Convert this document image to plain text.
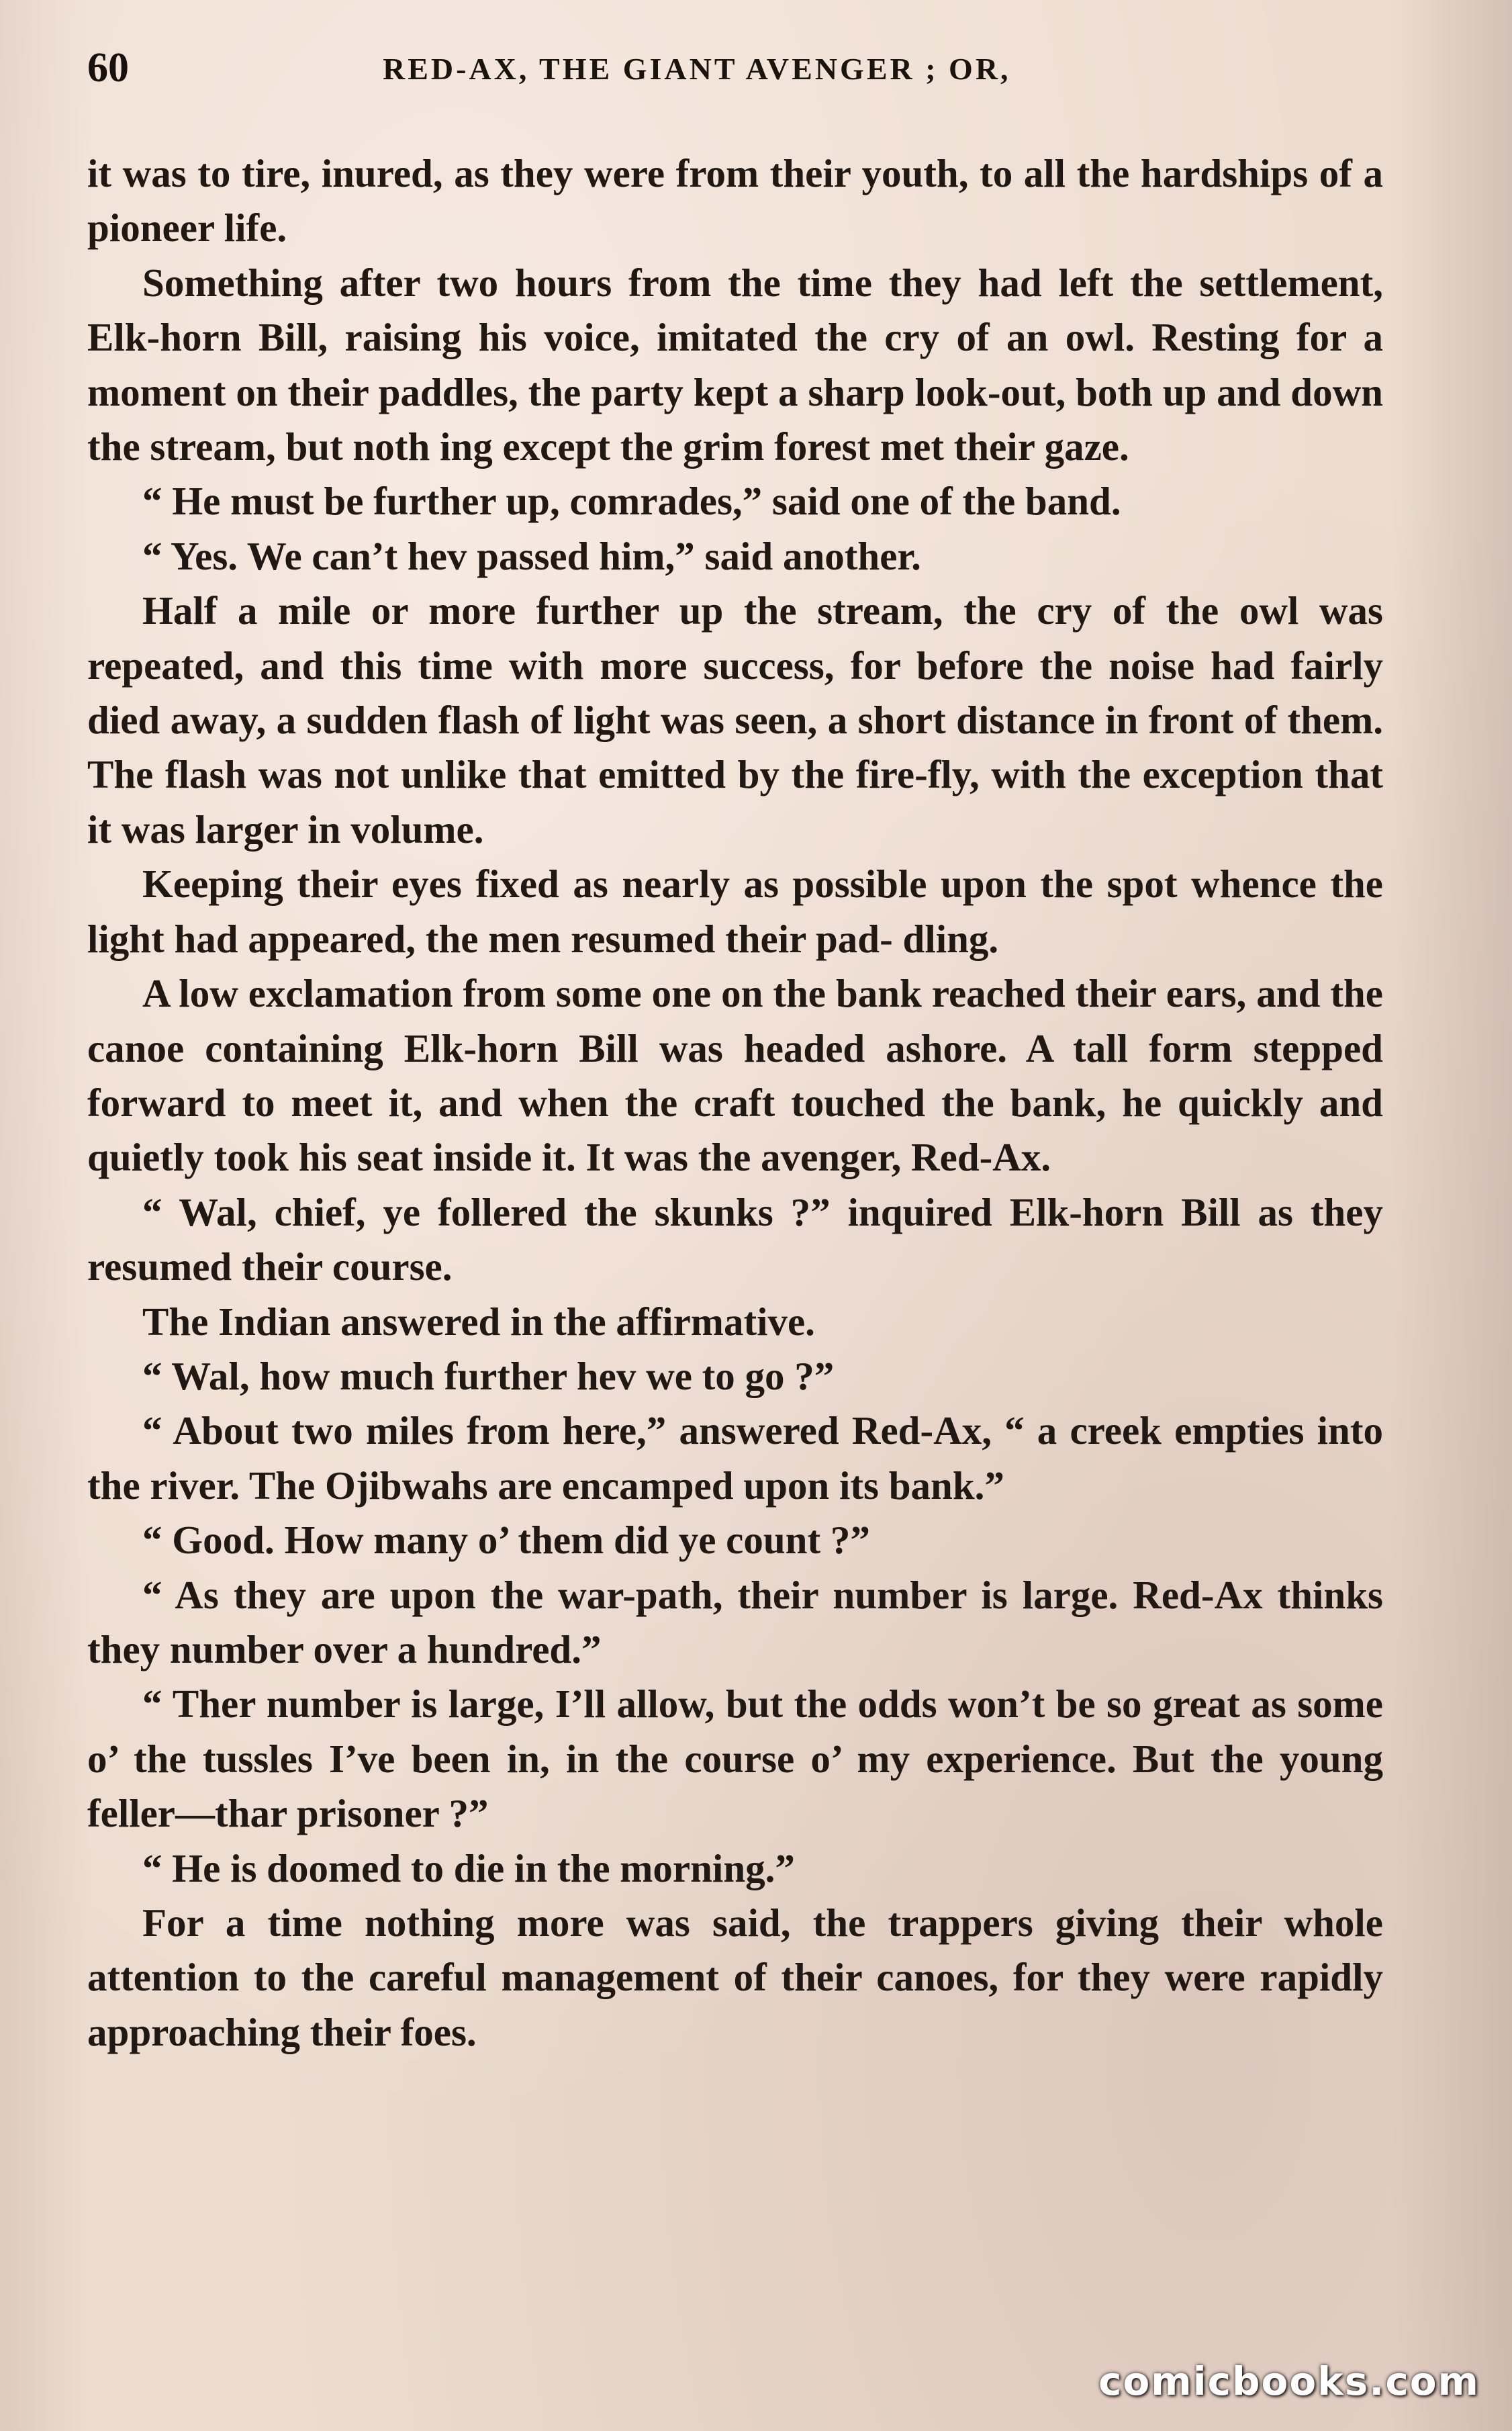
60	RED-AX, THE GIANT AVENGER ; OR,

it was to tire, inured, as they were from their youth, to all the hardships of a pioneer life.

Something after two hours from the time they had left the settlement, Elk-horn Bill, raising his voice, imitated the cry of an owl. Resting for a moment on their paddles, the party kept a sharp look-out, both up and down the stream, but noth ing except the grim forest met their gaze.

“ He must be further up, comrades,” said one of the band.

“ Yes. We can’t hev passed him,” said another.

Half a mile or more further up the stream, the cry of the owl was repeated, and this time with more success, for before the noise had fairly died away, a sudden flash of light was seen, a short distance in front of them. The flash was not unlike that emitted by the fire-fly, with the exception that it was larger in volume.

Keeping their eyes fixed as nearly as possible upon the spot whence the light had appeared, the men resumed their pad- dling.

A low exclamation from some one on the bank reached their ears, and the canoe containing Elk-horn Bill was headed ashore. A tall form stepped forward to meet it, and when the craft touched the bank, he quickly and quietly took his seat inside it. It was the avenger, Red-Ax.

“ Wal, chief, ye follered the skunks ?” inquired Elk-horn Bill as they resumed their course.

The Indian answered in the affirmative.

“ Wal, how much further hev we to go ?”

“ About two miles from here,” answered Red-Ax, “ a creek empties into the river. The Ojibwahs are encamped upon its bank.”

“ Good. How many o’ them did ye count ?”

“ As they are upon the war-path, their number is large. Red-Ax thinks they number over a hundred.”

“ Ther number is large, I’ll allow, but the odds won’t be so great as some o’ the tussles I’ve been in, in the course o’ my experience. But the young feller—thar prisoner ?”

“ He is doomed to die in the morning.”

For a time nothing more was said, the trappers giving their whole attention to the careful management of their canoes, for they were rapidly approaching their foes.

comicbooks.com
